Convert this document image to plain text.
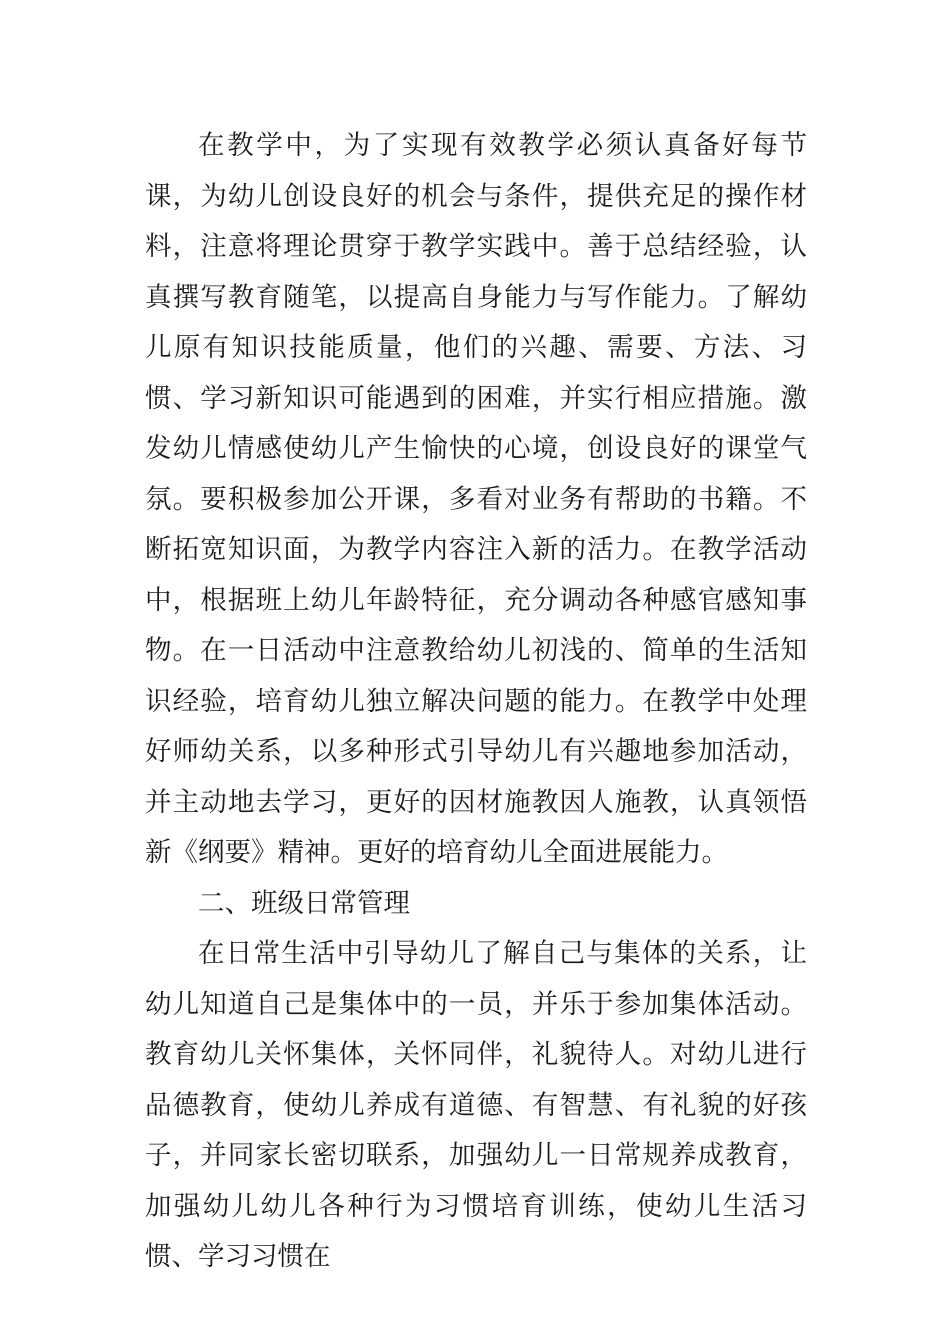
在教学中，为了实现有效教学必须认真备好每节课，为幼儿创设良好的机会与条件，提供充足的操作材料，注意将理论贯穿于教学实践中。善于总结经验，认真撰写教育随笔，以提高自身能力与写作能力。了解幼儿原有知识技能质量，他们的兴趣、需要、方法、习惯、学习新知识可能遇到的困难，并实行相应措施。激发幼儿情感使幼儿产生愉快的心境，创设良好的课堂气氛。要积极参加公开课，多看对业务有帮助的书籍。不断拓宽知识面，为教学内容注入新的活力。在教学活动中，根据班上幼儿年龄特征，充分调动各种感官感知事物。在一日活动中注意教给幼儿初浅的、简单的生活知识经验，培育幼儿独立解决问题的能力。在教学中处理好师幼关系，以多种形式引导幼儿有兴趣地参加活动，并主动地去学习，更好的因材施教因人施教，认真领悟新《纲要》精神。更好的培育幼儿全面进展能力。

二、班级日常管理

在日常生活中引导幼儿了解自己与集体的关系，让幼儿知道自己是集体中的一员，并乐于参加集体活动。教育幼儿关怀集体，关怀同伴，礼貌待人。对幼儿进行品德教育，使幼儿养成有道德、有智慧、有礼貌的好孩子，并同家长密切联系，加强幼儿一日常规养成教育，加强幼儿幼儿各种行为习惯培育训练，使幼儿生活习惯、学习习惯在
